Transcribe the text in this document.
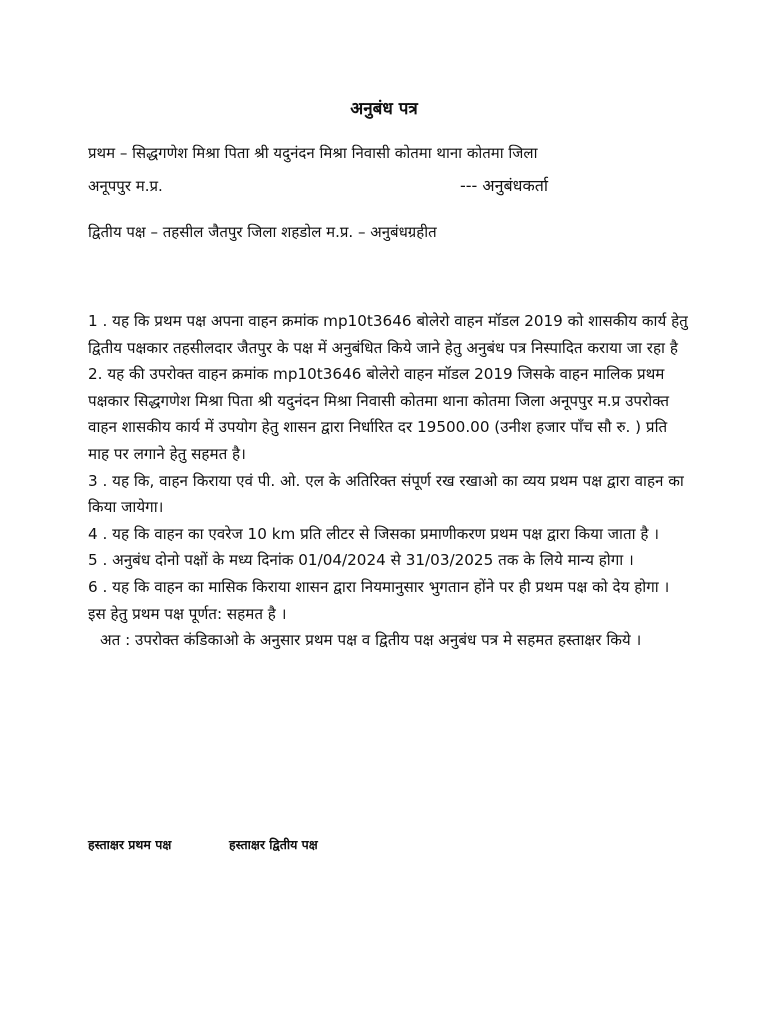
अनुबंध पत्र
प्रथम – सिद्धगणेश मिश्रा पिता श्री यदुनंदन मिश्रा निवासी कोतमा थाना कोतमा जिला
अनूपपुर म.प्र.	--- अनुबंधकर्ता
द्वितीय पक्ष – तहसील जैतपुर जिला शहडोल म.प्र. – अनुबंधग्रहीत

1 . यह कि प्रथम पक्ष अपना वाहन क्रमांक mp10t3646 बोलेरो वाहन मॉडल 2019 को शासकीय कार्य हेतु द्वितीय पक्षकार तहसीलदार जैतपुर के पक्ष में अनुबंधित किये जाने हेतु अनुबंध पत्र निस्पादित कराया जा रहा है

2. यह की उपरोक्त वाहन क्रमांक mp10t3646 बोलेरो वाहन मॉडल 2019 जिसके वाहन मालिक प्रथम पक्षकार सिद्धगणेश मिश्रा पिता श्री यदुनंदन मिश्रा निवासी कोतमा थाना कोतमा जिला अनूपपुर म.प्र उपरोक्त वाहन शासकीय कार्य में उपयोग हेतु शासन द्वारा निर्धारित दर 19500.00 (उनीश हजार पाँच सौ रु. ) प्रति माह पर लगाने हेतु सहमत है।

3 . यह कि, वाहन किराया एवं पी. ओ. एल के अतिरिक्त संपूर्ण रख रखाओ का व्यय प्रथम पक्ष द्वारा वाहन का किया जायेगा।

4 . यह कि वाहन का एवरेज 10 km प्रति लीटर से जिसका प्रमाणीकरण प्रथम पक्ष द्वारा किया जाता है ।

5 . अनुबंध दोनो पक्षों के मध्य दिनांक 01/04/2024 से 31/03/2025 तक के लिये मान्य होगा ।

6 . यह कि वाहन का मासिक किराया शासन द्वारा नियमानुसार भुगतान होंने पर ही प्रथम पक्ष को देय होगा । इस हेतु प्रथम पक्ष पूर्णत: सहमत है ।

अत : उपरोक्त कंडिकाओ के अनुसार प्रथम पक्ष व द्वितीय पक्ष अनुबंध पत्र मे सहमत हस्ताक्षर किये ।

हस्ताक्षर प्रथम पक्ष	हस्ताक्षर द्वितीय पक्ष
